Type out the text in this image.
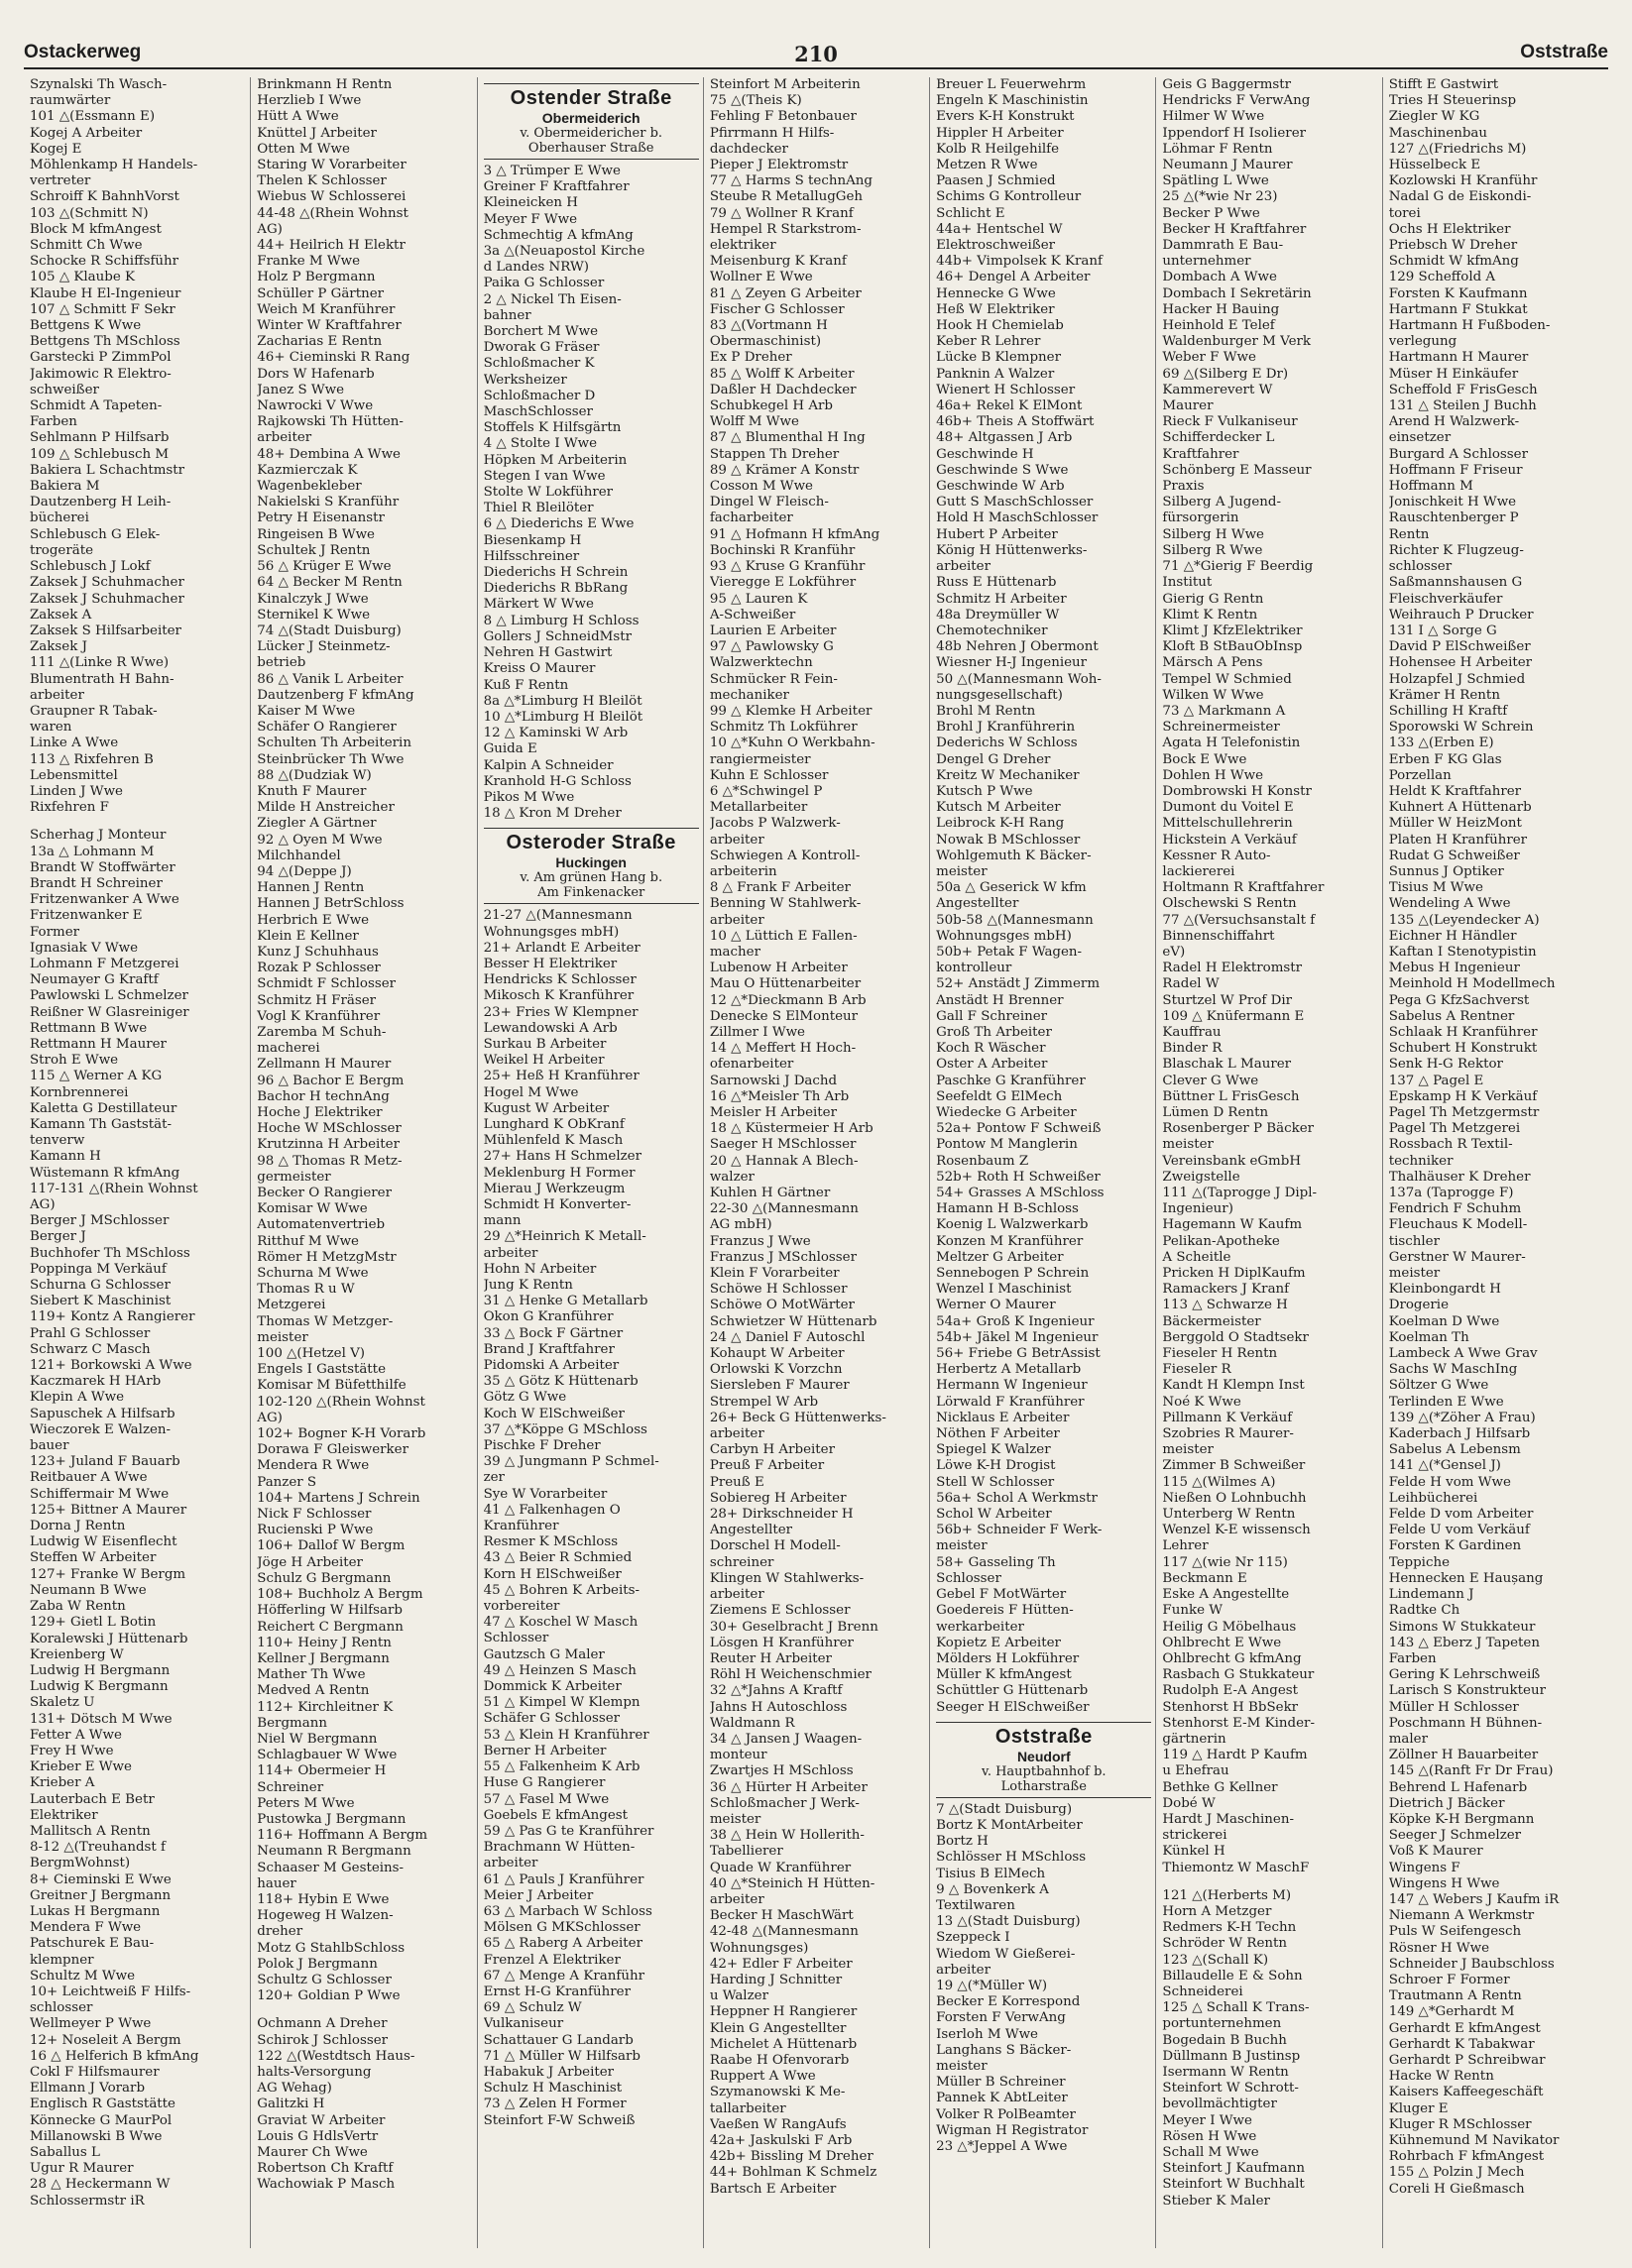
Ostackerweg	210	Oststraße
Szynalski Th Wasch-
raumwärter
101 △(Essmann E)
Kogej A Arbeiter
Kogej E
Möhlenkamp H Handels-
vertreter
Schroiff K BahnhVorst
103 △(Schmitt N)
Block M kfmAngest
Schmitt Ch Wwe
Schocke R Schiffsführ
105 △ Klaube K
Klaube H El-Ingenieur
107 △ Schmitt F Sekr
Bettgens K Wwe
Bettgens Th MSchloss
Garstecki P ZimmPol
Jakimowic R Elektro-
schweißer
Schmidt A Tapeten-
Farben
Sehlmann P Hilfsarb
109 △ Schlebusch M
Bakiera L Schachtmstr
Bakiera M
Dautzenberg H Leih-
bücherei
Schlebusch G Elek-
trogeräte
Schlebusch J Lokf
Zaksek J Schuhmacher
Zaksek J Schuhmacher
Zaksek A
Zaksek S Hilfsarbeiter
Zaksek J
111 △(Linke R Wwe)
Blumentrath H Bahn-
arbeiter
Graupner R Tabak-
waren
Linke A Wwe
113 △ Rixfehren B
Lebensmittel
Linden J Wwe
Rixfehren F
Scherhag J Monteur
13a △ Lohmann M
Brandt W Stoffwärter
Brandt H Schreiner
Fritzenwanker A Wwe
Fritzenwanker E
Former
Ignasiak V Wwe
Lohmann F Metzgerei
Neumayer G Kraftf
Pawlowski L Schmelzer
Reißner W Glasreiniger
Rettmann B Wwe
Rettmann H Maurer
Stroh E Wwe
115 △ Werner A KG
Kornbrennerei
Kaletta G Destillateur
Kamann Th Gaststät-
tenverw
Kamann H
Wüstemann R kfmAng
117-131 △(Rhein Wohnst
AG)
Berger J MSchlosser
Berger J
Buchhofer Th MSchloss
Poppinga M Verkäuf
Schurna G Schlosser
Siebert K Maschinist
119+ Kontz A Rangierer
Prahl G Schlosser
Schwarz C Masch
121+ Borkowski A Wwe
Kaczmarek H HArb
Klepin A Wwe
Sapuschek A Hilfsarb
Wieczorek E Walzen-
bauer
123+ Juland F Bauarb
Reitbauer A Wwe
Schiffermair M Wwe
125+ Bittner A Maurer
Dorna J Rentn
Ludwig W Eisenflecht
Steffen W Arbeiter
127+ Franke W Bergm
Neumann B Wwe
Zaba W Rentn
129+ Gietl L Botin
Koralewski J Hüttenarb
Kreienberg W
Ludwig H Bergmann
Ludwig K Bergmann
Skaletz U
131+ Dötsch M Wwe
Fetter A Wwe
Frey H Wwe
Krieber E Wwe
Krieber A
Lauterbach E Betr
Elektriker
Mallitsch A Rentn
8-12 △(Treuhandst f
BergmWohnst)
8+ Cieminski E Wwe
Greitner J Bergmann
Lukas H Bergmann
Mendera F Wwe
Patschurek E Bau-
klempner
Schultz M Wwe
10+ Leichtweiß F Hilfs-
schlosser
Wellmeyer P Wwe
12+ Noseleit A Bergm
16 △ Helferich B kfmAng
Cokl F Hilfsmaurer
Ellmann J Vorarb
Englisch R Gaststätte
Könnecke G MaurPol
Millanowski B Wwe
Saballus L
Ugur R Maurer
28 △ Heckermann W
Schlossermstr iR
Brinkmann H Rentn
Herzlieb I Wwe
Hütt A Wwe
Knüttel J Arbeiter
Otten M Wwe
Staring W Vorarbeiter
Thelen K Schlosser
Wiebus W Schlosserei
44-48 △(Rhein Wohnst
AG)
44+ Heilrich H Elektr
Franke M Wwe
Holz P Bergmann
Schüller P Gärtner
Weich M Kranführer
Winter W Kraftfahrer
Zacharias E Rentn
46+ Cieminski R Rang
Dors W Hafenarb
Janez S Wwe
Nawrocki V Wwe
Rajkowski Th Hütten-
arbeiter
48+ Dembina A Wwe
Kazmierczak K
Wagenbekleber
Nakielski S Kranführ
Petry H Eisenanstr
Ringeisen B Wwe
Schultek J Rentn
56 △ Krüger E Wwe
64 △ Becker M Rentn
Kinalczyk J Wwe
Sternikel K Wwe
74 △(Stadt Duisburg)
Lücker J Steinmetz-
betrieb
86 △ Vanik L Arbeiter
Dautzenberg F kfmAng
Kaiser M Wwe
Schäfer O Rangierer
Schulten Th Arbeiterin
Steinbrücker Th Wwe
88 △(Dudziak W)
Knuth F Maurer
Milde H Anstreicher
Ziegler A Gärtner
92 △ Oyen M Wwe
Milchhandel
94 △(Deppe J)
Hannen J Rentn
Hannen J BetrSchloss
Herbrich E Wwe
Klein E Kellner
Kunz J Schuhhaus
Rozak P Schlosser
Schmidt F Schlosser
Schmitz H Fräser
Vogl K Kranführer
Zaremba M Schuh-
macherei
Zellmann H Maurer
96 △ Bachor E Bergm
Bachor H technAng
Hoche J Elektriker
Hoche W MSchlosser
Krutzinna H Arbeiter
98 △ Thomas R Metz-
germeister
Becker O Rangierer
Komisar W Wwe
Automatenvertrieb
Ritthuf M Wwe
Römer H MetzgMstr
Schurna M Wwe
Thomas R u W
Metzgerei
Thomas W Metzger-
meister
100 △(Hetzel V)
Engels I Gaststätte
Komisar M Büfetthilfe
102-120 △(Rhein Wohnst
AG)
102+ Bogner K-H Vorarb
Dorawa F Gleiswerker
Mendera R Wwe
Panzer S
104+ Martens J Schrein
Nick F Schlosser
Rucienski P Wwe
106+ Dallof W Bergm
Jöge H Arbeiter
Schulz G Bergmann
108+ Buchholz A Bergm
Höfferling W Hilfsarb
Reichert C Bergmann
110+ Heiny J Rentn
Kellner J Bergmann
Mather Th Wwe
Medved A Rentn
112+ Kirchleitner K
Bergmann
Niel W Bergmann
Schlagbauer W Wwe
114+ Obermeier H
Schreiner
Peters M Wwe
Pustowka J Bergmann
116+ Hoffmann A Bergm
Neumann R Bergmann
Schaaser M Gesteins-
hauer
118+ Hybin E Wwe
Hogeweg H Walzen-
dreher
Motz G StahlbSchloss
Polok J Bergmann
Schultz G Schlosser
120+ Goldian P Wwe
Ochmann A Dreher
Schirok J Schlosser
122 △(Westdtsch Haus-
halts-Versorgung
AG Wehag)
Galitzki H
Graviat W Arbeiter
Louis G HdlsVertr
Maurer Ch Wwe
Robertson Ch Kraftf
Wachowiak P Masch
Ostender Straße
Obermeiderich
v. Obermeidericher b.
Oberhauser Straße
3 △ Trümper E Wwe
Greiner F Kraftfahrer
Kleineicken H
Meyer F Wwe
Schmechtig A kfmAng
3a △(Neuapostol Kirche
d Landes NRW)
Paika G Schlosser
2 △ Nickel Th Eisen-
bahner
Borchert M Wwe
Dworak G Fräser
Schloßmacher K
Werksheizer
Schloßmacher D
MaschSchlosser
Stoffels K Hilfsgärtn
4 △ Stolte I Wwe
Höpken M Arbeiterin
Stegen I van Wwe
Stolte W Lokführer
Thiel R Bleilöter
6 △ Diederichs E Wwe
Biesenkamp H
Hilfsschreiner
Diederichs H Schrein
Diederichs R BbRang
Märkert W Wwe
8 △ Limburg H Schloss
Gollers J SchneidMstr
Nehren H Gastwirt
Kreiss O Maurer
Kuß F Rentn
8a △*Limburg H Bleilöt
10 △*Limburg H Bleilöt
12 △ Kaminski W Arb
Guida E
Kalpin A Schneider
Kranhold H-G Schloss
Pikos M Wwe
18 △ Kron M Dreher
Osteroder Straße
Huckingen
v. Am grünen Hang b.
Am Finkenacker
21-27 △(Mannesmann
Wohnungsges mbH)
21+ Arlandt E Arbeiter
Besser H Elektriker
Hendricks K Schlosser
Mikosch K Kranführer
23+ Fries W Klempner
Lewandowski A Arb
Surkau B Arbeiter
Weikel H Arbeiter
25+ Heß H Kranführer
Hogel M Wwe
Kugust W Arbeiter
Lunghard K ObKranf
Mühlenfeld K Masch
27+ Hans H Schmelzer
Meklenburg H Former
Mierau J Werkzeugm
Schmidt H Konverter-
mann
29 △*Heinrich K Metall-
arbeiter
Hohn N Arbeiter
Jung K Rentn
31 △ Henke G Metallarb
Okon G Kranführer
33 △ Bock F Gärtner
Brand J Kraftfahrer
Pidomski A Arbeiter
35 △ Götz K Hüttenarb
Götz G Wwe
Koch W ElSchweißer
37 △*Köppe G MSchloss
Pischke F Dreher
39 △ Jungmann P Schmel-
zer
Sye W Vorarbeiter
41 △ Falkenhagen O
Kranführer
Resmer K MSchloss
43 △ Beier R Schmied
Korn H ElSchweißer
45 △ Bohren K Arbeits-
vorbereiter
47 △ Koschel W Masch
Schlosser
Gautzsch G Maler
49 △ Heinzen S Masch
Dommick K Arbeiter
51 △ Kimpel W Klempn
Schäfer G Schlosser
53 △ Klein H Kranführer
Berner H Arbeiter
55 △ Falkenheim K Arb
Huse G Rangierer
57 △ Fasel M Wwe
Goebels E kfmAngest
59 △ Pas G te Kranführer
Brachmann W Hütten-
arbeiter
61 △ Pauls J Kranführer
Meier J Arbeiter
63 △ Marbach W Schloss
Mölsen G MKSchlosser
65 △ Raberg A Arbeiter
Frenzel A Elektriker
67 △ Menge A Kranführ
Ernst H-G Kranführer
69 △ Schulz W
Vulkaniseur
Schattauer G Landarb
71 △ Müller W Hilfsarb
Habakuk J Arbeiter
Schulz H Maschinist
73 △ Zelen H Former
Steinfort F-W Schweiß
Steinfort M Arbeiterin
75 △(Theis K)
Fehling F Betonbauer
Pfirrmann H Hilfs-
dachdecker
Pieper J Elektromstr
77 △ Harms S technAng
Steube R MetallugGeh
79 △ Wollner R Kranf
Hempel R Starkstrom-
elektriker
Meisenburg K Kranf
Wollner E Wwe
81 △ Zeyen G Arbeiter
Fischer G Schlosser
83 △(Vortmann H
Obermaschinist)
Ex P Dreher
85 △ Wolff K Arbeiter
Daßler H Dachdecker
Schubkegel H Arb
Wolff M Wwe
87 △ Blumenthal H Ing
Stappen Th Dreher
89 △ Krämer A Konstr
Cosson M Wwe
Dingel W Fleisch-
facharbeiter
91 △ Hofmann H kfmAng
Bochinski R Kranführ
93 △ Kruse G Kranführ
Vieregge E Lokführer
95 △ Lauren K
A-Schweißer
Laurien E Arbeiter
97 △ Pawlowsky G
Walzwerktechn
Schmücker R Fein-
mechaniker
99 △ Klemke H Arbeiter
Schmitz Th Lokführer
10 △*Kuhn O Werkbahn-
rangiermeister
Kuhn E Schlosser
6 △*Schwingel P
Metallarbeiter
Jacobs P Walzwerk-
arbeiter
Schwiegen A Kontroll-
arbeiterin
8 △ Frank F Arbeiter
Benning W Stahlwerk-
arbeiter
10 △ Lüttich E Fallen-
macher
Lubenow H Arbeiter
Mau O Hüttenarbeiter
12 △*Dieckmann B Arb
Denecke S ElMonteur
Zillmer I Wwe
14 △ Meffert H Hoch-
ofenarbeiter
Sarnowski J Dachd
16 △*Meisler Th Arb
Meisler H Arbeiter
18 △ Küstermeier H Arb
Saeger H MSchlosser
20 △ Hannak A Blech-
walzer
Kuhlen H Gärtner
22-30 △(Mannesmann
AG mbH)
Franzus J Wwe
Franzus J MSchlosser
Klein F Vorarbeiter
Schöwe H Schlosser
Schöwe O MotWärter
Schwietzer W Hüttenarb
24 △ Daniel F Autoschl
Kohaupt W Arbeiter
Orlowski K Vorzchn
Siersleben F Maurer
Strempel W Arb
26+ Beck G Hüttenwerks-
arbeiter
Carbyn H Arbeiter
Preuß F Arbeiter
Preuß E
Sobiereg H Arbeiter
28+ Dirkschneider H
Angestellter
Dorschel H Modell-
schreiner
Klingen W Stahlwerks-
arbeiter
Ziemens E Schlosser
30+ Geselbracht J Brenn
Lösgen H Kranführer
Reuter H Arbeiter
Röhl H Weichenschmier
32 △*Jahns A Kraftf
Jahns H Autoschloss
Waldmann R
34 △ Jansen J Waagen-
monteur
Zwartjes H MSchloss
36 △ Hürter H Arbeiter
Schloßmacher J Werk-
meister
38 △ Hein W Hollerith-
Tabellierer
Quade W Kranführer
40 △*Steinich H Hütten-
arbeiter
Becker H MaschWärt
42-48 △(Mannesmann
Wohnungsges)
42+ Edler F Arbeiter
Harding J Schnitter
u Walzer
Heppner H Rangierer
Klein G Angestellter
Michelet A Hüttenarb
Raabe H Ofenvorarb
Ruppert A Wwe
Szymanowski K Me-
tallarbeiter
Vaeßen W RangAufs
42a+ Jaskulski F Arb
42b+ Bissling M Dreher
44+ Bohlman K Schmelz
Bartsch E Arbeiter
Breuer L Feuerwehrm
Engeln K Maschinistin
Evers K-H Konstrukt
Hippler H Arbeiter
Kolb R Heilgehilfe
Metzen R Wwe
Paasen J Schmied
Schims G Kontrolleur
Schlicht E
44a+ Hentschel W
Elektroschweißer
44b+ Vimpolsek K Kranf
46+ Dengel A Arbeiter
Hennecke G Wwe
Heß W Elektriker
Hook H Chemielab
Keber R Lehrer
Lücke B Klempner
Panknin A Walzer
Wienert H Schlosser
46a+ Rekel K ElMont
46b+ Theis A Stoffwärt
48+ Altgassen J Arb
Geschwinde H
Geschwinde S Wwe
Geschwinde W Arb
Gutt S MaschSchlosser
Hold H MaschSchlosser
Hubert P Arbeiter
König H Hüttenwerks-
arbeiter
Russ E Hüttenarb
Schmitz H Arbeiter
48a Dreymüller W
Chemotechniker
48b Nehren J Obermont
Wiesner H-J Ingenieur
50 △(Mannesmann Woh-
nungsgesellschaft)
Brohl M Rentn
Brohl J Kranführerin
Dederichs W Schloss
Dengel G Dreher
Kreitz W Mechaniker
Kutsch P Wwe
Kutsch M Arbeiter
Leibrock K-H Rang
Nowak B MSchlosser
Wohlgemuth K Bäcker-
meister
50a △ Geserick W kfm
Angestellter
50b-58 △(Mannesmann
Wohnungsges mbH)
50b+ Petak F Wagen-
kontrolleur
52+ Anstädt J Zimmerm
Anstädt H Brenner
Gall F Schreiner
Groß Th Arbeiter
Koch R Wäscher
Oster A Arbeiter
Paschke G Kranführer
Seefeldt G ElMech
Wiedecke G Arbeiter
52a+ Pontow F Schweiß
Pontow M Manglerin
Rosenbaum Z
52b+ Roth H Schweißer
54+ Grasses A MSchloss
Hamann H B-Schloss
Koenig L Walzwerkarb
Konzen M Kranführer
Meltzer G Arbeiter
Sennebogen P Schrein
Wenzel I Maschinist
Werner O Maurer
54a+ Groß K Ingenieur
54b+ Jäkel M Ingenieur
56+ Friebe G BetrAssist
Herbertz A Metallarb
Hermann W Ingenieur
Lörwald F Kranführer
Nicklaus E Arbeiter
Nöthen F Arbeiter
Spiegel K Walzer
Löwe K-H Drogist
Stell W Schlosser
56a+ Schol A Werkmstr
Schol W Arbeiter
56b+ Schneider F Werk-
meister
58+ Gasseling Th
Schlosser
Gebel F MotWärter
Goedereis F Hütten-
werkarbeiter
Kopietz E Arbeiter
Mölders H Lokführer
Müller K kfmAngest
Schüttler G Hüttenarb
Seeger H ElSchweißer
Oststraße
Neudorf
v. Hauptbahnhof b.
Lotharstraße
7 △(Stadt Duisburg)
Bortz K MontArbeiter
Bortz H
Schlösser H MSchloss
Tisius B ElMech
9 △ Bovenkerk A
Textilwaren
13 △(Stadt Duisburg)
Szeppeck I
Wiedom W Gießerei-
arbeiter
19 △(*Müller W)
Becker E Korrespond
Forsten F VerwAng
Iserloh M Wwe
Langhans S Bäcker-
meister
Müller B Schreiner
Pannek K AbtLeiter
Volker R PolBeamter
Wigman H Registrator
23 △*Jeppel A Wwe
Geis G Baggermstr
Hendricks F VerwAng
Hilmer W Wwe
Ippendorf H Isolierer
Löhmar F Rentn
Neumann J Maurer
Spätling L Wwe
25 △(*wie Nr 23)
Becker P Wwe
Becker H Kraftfahrer
Dammrath E Bau-
unternehmer
Dombach A Wwe
Dombach I Sekretärin
Hacker H Bauing
Heinhold E Telef
Waldenburger M Verk
Weber F Wwe
69 △(Silberg E Dr)
Kammerevert W
Maurer
Rieck F Vulkaniseur
Schifferdecker L
Kraftfahrer
Schönberg E Masseur
Praxis
Silberg A Jugend-
fürsorgerin
Silberg H Wwe
Silberg R Wwe
71 △*Gierig F Beerdig
Institut
Gierig G Rentn
Klimt K Rentn
Klimt J KfzElektriker
Kloft B StBauObInsp
Märsch A Pens
Tempel W Schmied
Wilken W Wwe
73 △ Markmann A
Schreinermeister
Agata H Telefonistin
Bock E Wwe
Dohlen H Wwe
Dombrowski H Konstr
Dumont du Voitel E
Mittelschullehrerin
Hickstein A Verkäuf
Kessner R Auto-
lackiererei
Holtmann R Kraftfahrer
Olschewski S Rentn
77 △(Versuchsanstalt f
Binnenschiffahrt
eV)
Radel H Elektromstr
Radel W
Sturtzel W Prof Dir
109 △ Knüfermann E
Kauffrau
Binder R
Blaschak L Maurer
Clever G Wwe
Büttner L FrisGesch
Lümen D Rentn
Rosenberger P Bäcker
meister
Vereinsbank eGmbH
Zweigstelle
111 △(Taprogge J Dipl-
Ingenieur)
Hagemann W Kaufm
Pelikan-Apotheke
A Scheitle
Pricken H DiplKaufm
Ramackers J Kranf
113 △ Schwarze H
Bäckermeister
Berggold O Stadtsekr
Fieseler H Rentn
Fieseler R
Kandt H Klempn Inst
Noé K Wwe
Pillmann K Verkäuf
Szobries R Maurer-
meister
Zimmer B Schweißer
115 △(Wilmes A)
Nießen O Lohnbuchh
Unterberg W Rentn
Wenzel K-E wissensch
Lehrer
117 △(wie Nr 115)
Beckmann E
Eske A Angestellte
Funke W
Heilig G Möbelhaus
Ohlbrecht E Wwe
Ohlbrecht G kfmAng
Rasbach G Stukkateur
Rudolph E-A Angest
Stenhorst H BbSekr
Stenhorst E-M Kinder-
gärtnerin
119 △ Hardt P Kaufm
u Ehefrau
Bethke G Kellner
Dobé W
Hardt J Maschinen-
strickerei
Künkel H
Thiemontz W MaschF
121 △(Herberts M)
Horn A Metzger
Redmers K-H Techn
Schröder W Rentn
123 △(Schall K)
Billaudelle E & Sohn
Schneiderei
125 △ Schall K Trans-
portunternehmen
Bogedain B Buchh
Düllmann B Justinsp
Isermann W Rentn
Steinfort W Schrott-
bevollmächtigter
Meyer I Wwe
Rösen H Wwe
Schall M Wwe
Steinfort J Kaufmann
Steinfort W Buchhalt
Stieber K Maler
Stifft E Gastwirt
Tries H Steuerinsp
Ziegler W KG
Maschinenbau
127 △(Friedrichs M)
Hüsselbeck E
Kozlowski H Kranführ
Nadal G de Eiskondi-
torei
Ochs H Elektriker
Priebsch W Dreher
Schmidt W kfmAng
129 Scheffold A
Forsten K Kaufmann
Hartmann F Stukkat
Hartmann H Fußboden-
verlegung
Hartmann H Maurer
Müser H Einkäufer
Scheffold F FrisGesch
131 △ Steilen J Buchh
Arend H Walzwerk-
einsetzer
Burgard A Schlosser
Hoffmann F Friseur
Hoffmann M
Jonischkeit H Wwe
Rauschtenberger P
Rentn
Richter K Flugzeug-
schlosser
Saßmannshausen G
Fleischverkäufer
Weihrauch P Drucker
131 I △ Sorge G
David P ElSchweißer
Hohensee H Arbeiter
Holzapfel J Schmied
Krämer H Rentn
Schilling H Kraftf
Sporowski W Schrein
133 △(Erben E)
Erben F KG Glas
Porzellan
Heldt K Kraftfahrer
Kuhnert A Hüttenarb
Müller W HeizMont
Platen H Kranführer
Rudat G Schweißer
Sunnus J Optiker
Tisius M Wwe
Wendeling A Wwe
135 △(Leyendecker A)
Eichner H Händler
Kaftan I Stenotypistin
Mebus H Ingenieur
Meinhold H Modellmech
Pega G KfzSachverst
Sabelus A Rentner
Schlaak H Kranführer
Schubert H Konstrukt
Senk H-G Rektor
137 △ Pagel E
Epskamp H K Verkäuf
Pagel Th Metzgermstr
Pagel Th Metzgerei
Rossbach R Textil-
techniker
Thalhäuser K Dreher
137a (Taprogge F)
Fendrich F Schuhm
Fleuchaus K Modell-
tischler
Gerstner W Maurer-
meister
Kleinbongardt H
Drogerie
Koelman D Wwe
Koelman Th
Lambeck A Wwe Grav
Sachs W MaschIng
Söltzer G Wwe
Terlinden E Wwe
139 △(*Zöher A Frau)
Kaderbach J Hilfsarb
Sabelus A Lebensm
141 △(*Gensel J)
Felde H vom Wwe
Leihbücherei
Felde D vom Arbeiter
Felde U vom Verkäuf
Forsten K Gardinen
Teppiche
Hennecken E Haușang
Lindemann J
Radtke Ch
Simons W Stukkateur
143 △ Eberz J Tapeten
Farben
Gering K Lehrschweiß
Larisch S Konstrukteur
Müller H Schlosser
Poschmann H Bühnen-
maler
Zöllner H Bauarbeiter
145 △(Ranft Fr Dr Frau)
Behrend L Hafenarb
Dietrich J Bäcker
Köpke K-H Bergmann
Seeger J Schmelzer
Voß K Maurer
Wingens F
Wingens H Wwe
147 △ Webers J Kaufm iR
Niemann A Werkmstr
Puls W Seifengesch
Rösner H Wwe
Schneider J Baubschloss
Schroer F Former
Trautmann A Rentn
149 △*Gerhardt M
Gerhardt E kfmAngest
Gerhardt K Tabakwar
Gerhardt P Schreibwar
Hacke W Rentn
Kaisers Kaffeegeschäft
Kluger E
Kluger R MSchlosser
Kühnemund M Navikator
Rohrbach F kfmAngest
155 △ Polzin J Mech
Coreli H Gießmasch
